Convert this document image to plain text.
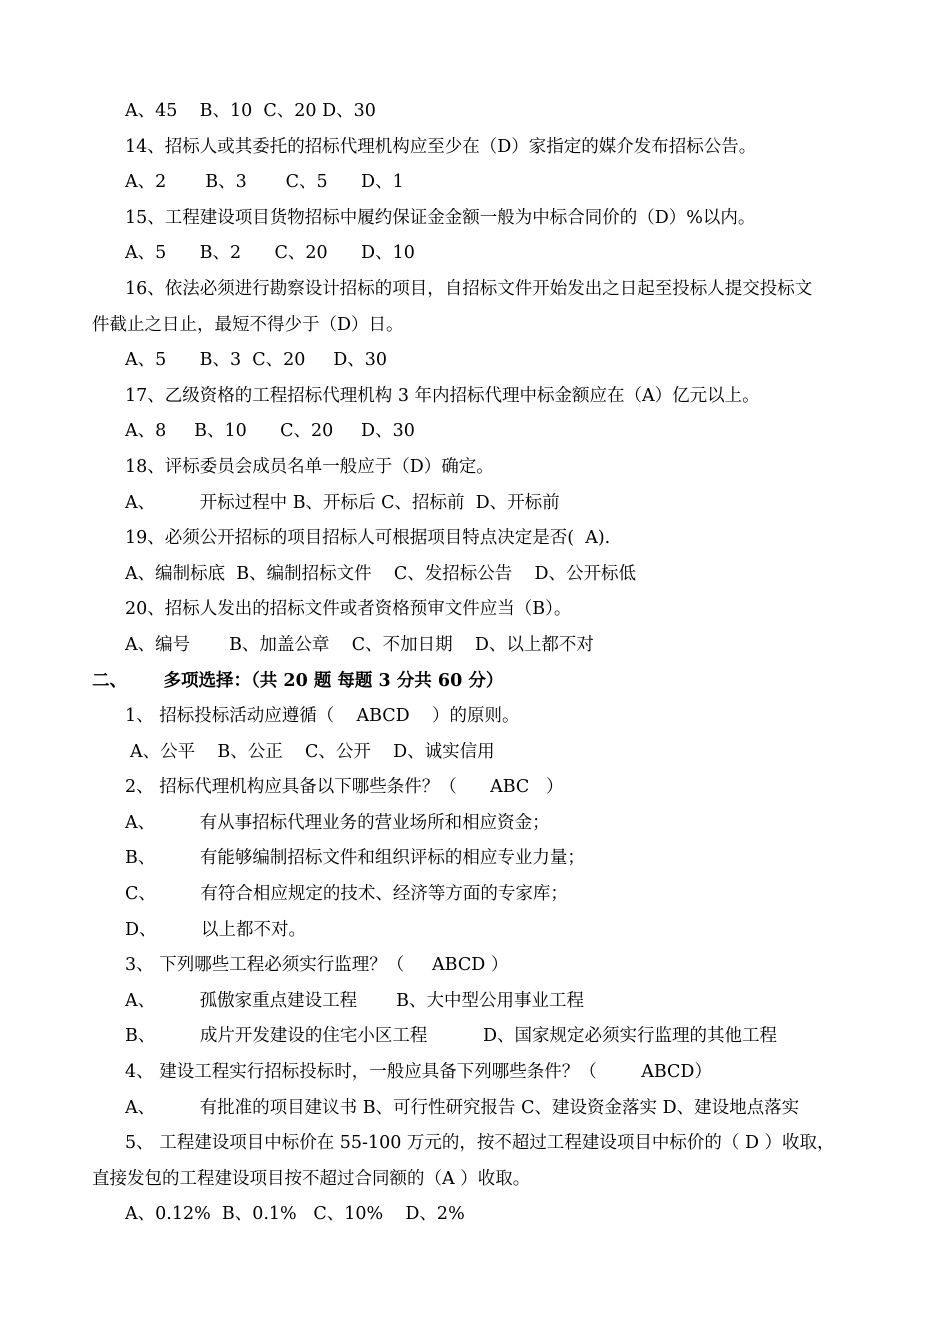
A、45    B、10  C、20 D、30
14、招标人或其委托的招标代理机构应至少在（D）家指定的媒介发布招标公告。
A、2       B、3       C、5      D、1
15、工程建设项目货物招标中履约保证金金额一般为中标合同价的（D）%以内。
A、5      B、2      C、20      D、10
16、依法必须进行勘察设计招标的项目，自招标文件开始发出之日起至投标人提交投标文
件截止之日止，最短不得少于（D）日。
A、5      B、3  C、20     D、30
17、乙级资格的工程招标代理机构 3 年内招标代理中标金额应在（A）亿元以上。
A、8     B、10      C、20     D、30
18、评标委员会成员名单一般应于（D）确定。
A、        开标过程中 B、开标后 C、招标前  D、开标前
19、必须公开招标的项目招标人可根据项目特点决定是否(  A).
A、编制标底  B、编制招标文件    C、发招标公告    D、公开标低
20、招标人发出的招标文件或者资格预审文件应当（B）。
A、编号       B、加盖公章    C、不加日期    D、以上都不对
二、      多项选择：（共 20 题 每题 3 分共 60 分）
1、 招标投标活动应遵循（    ABCD    ）的原则。
A、公平    B、公正    C、公开    D、诚实信用
2、 招标代理机构应具备以下哪些条件？（      ABC   ）
A、        有从事招标代理业务的营业场所和相应资金；
B、        有能够编制招标文件和组织评标的相应专业力量；
C、        有符合相应规定的技术、经济等方面的专家库；
D、        以上都不对。
3、 下列哪些工程必须实行监理？（     ABCD ）
A、        孤傲家重点建设工程       B、大中型公用事业工程
B、        成片开发建设的住宅小区工程          D、国家规定必须实行监理的其他工程
4、 建设工程实行招标投标时，一般应具备下列哪些条件？（        ABCD）
A、        有批准的项目建议书 B、可行性研究报告 C、建设资金落实 D、建设地点落实
5、 工程建设项目中标价在 55-100 万元的，按不超过工程建设项目中标价的（ D ）收取，
直接发包的工程建设项目按不超过合同额的（A ）收取。
A、0.12%  B、0.1%   C、10%    D、2%
